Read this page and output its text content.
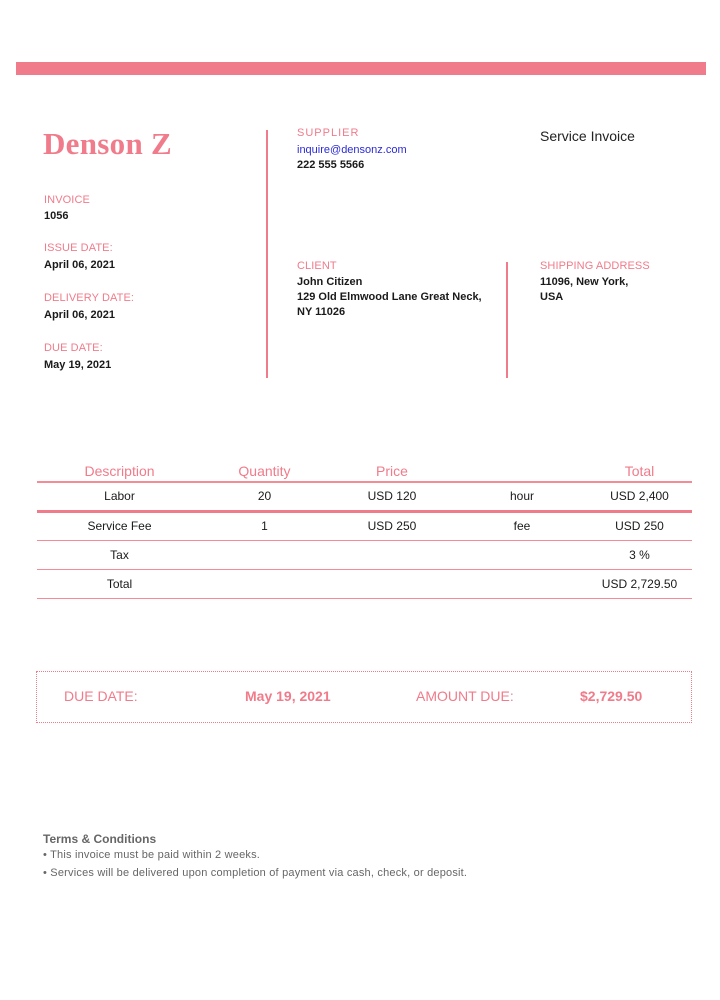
Denson Z
INVOICE
1056
ISSUE DATE:
April 06, 2021
DELIVERY DATE:
April 06, 2021
DUE DATE:
May 19, 2021
SUPPLIER
inquire@densonz.com
222 555 5566
Service Invoice
CLIENT
John Citizen
129 Old Elmwood Lane Great Neck,
NY 11026
SHIPPING ADDRESS
11096, New York,
USA
Description	Quantity	Price		Total
Labor	20	USD 120	hour	USD 2,400
Service Fee	1	USD 250	fee	USD 250
Tax				3 %
Total				USD 2,729.50
DUE DATE:	May 19, 2021	AMOUNT DUE:	$2,729.50
Terms & Conditions
• This invoice must be paid within 2 weeks.
• Services will be delivered upon completion of payment via cash, check, or deposit.
